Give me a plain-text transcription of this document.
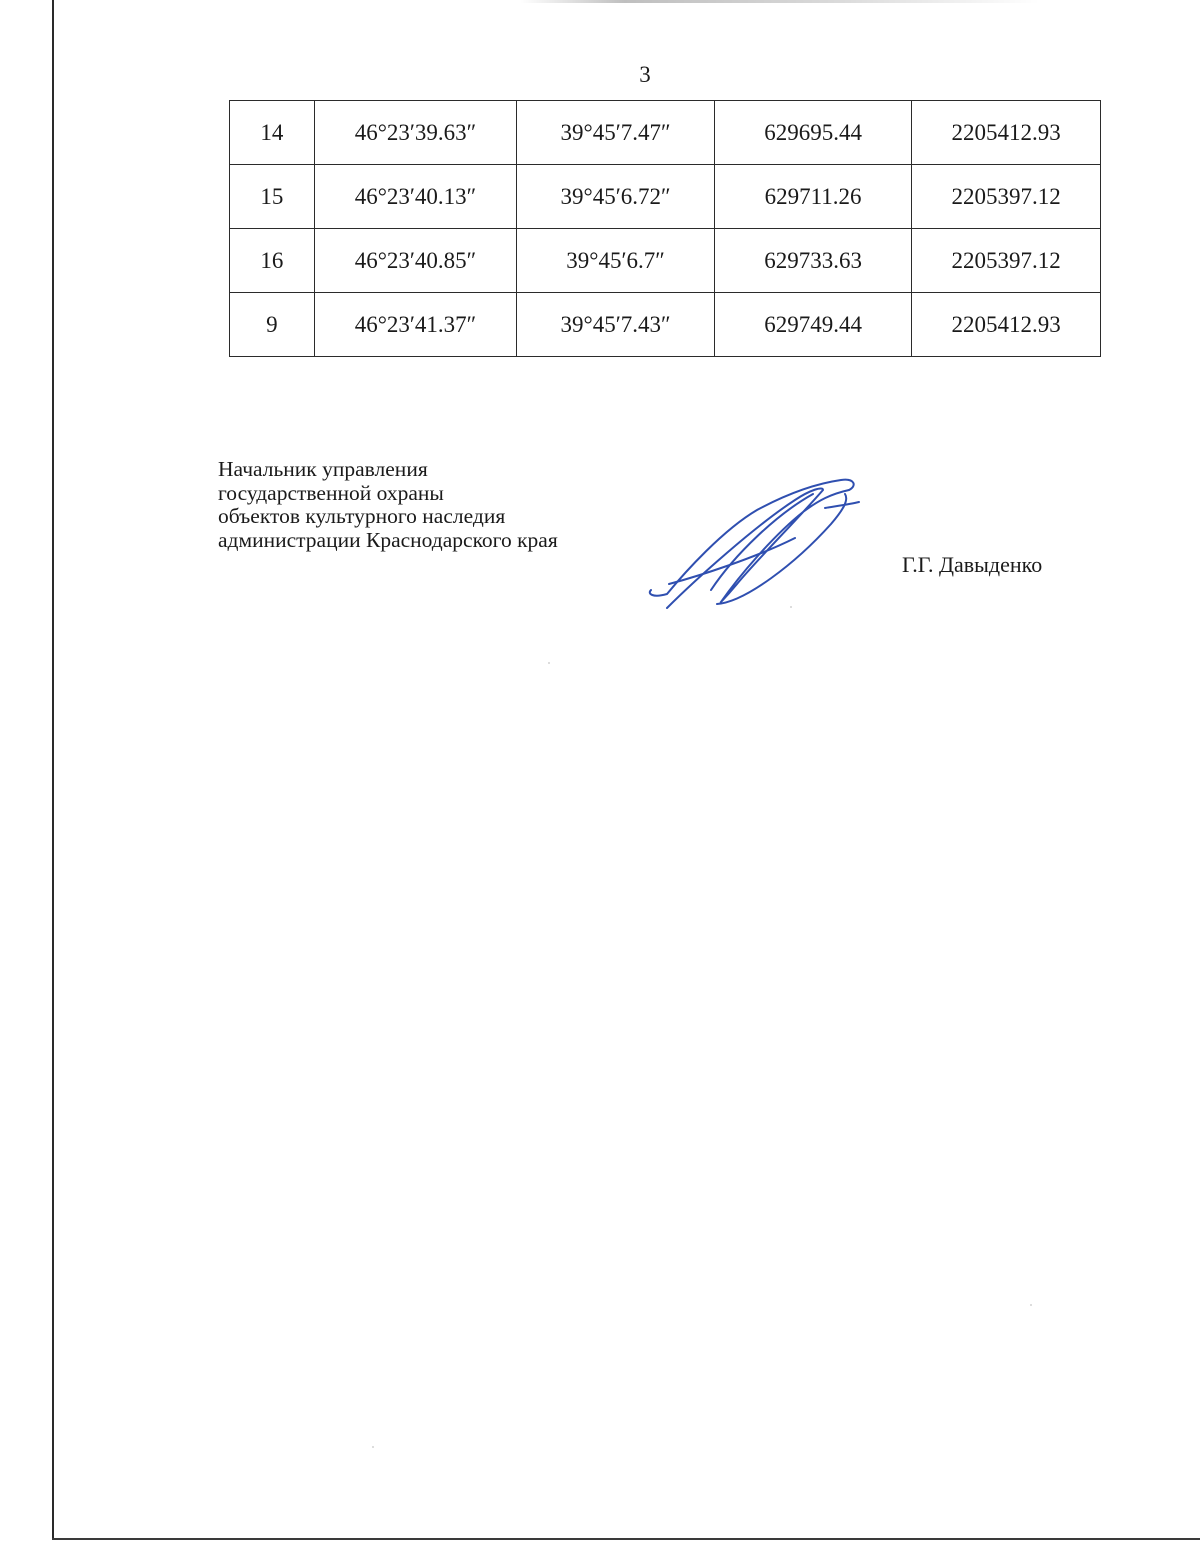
3
14	46°23′39.63″	39°45′7.47″	629695.44	2205412.93
15	46°23′40.13″	39°45′6.72″	629711.26	2205397.12
16	46°23′40.85″	39°45′6.7″	629733.63	2205397.12
9	46°23′41.37″	39°45′7.43″	629749.44	2205412.93
Начальник управления
государственной охраны
объектов культурного наследия
администрации Краснодарского края
Г.Г. Давыденко
